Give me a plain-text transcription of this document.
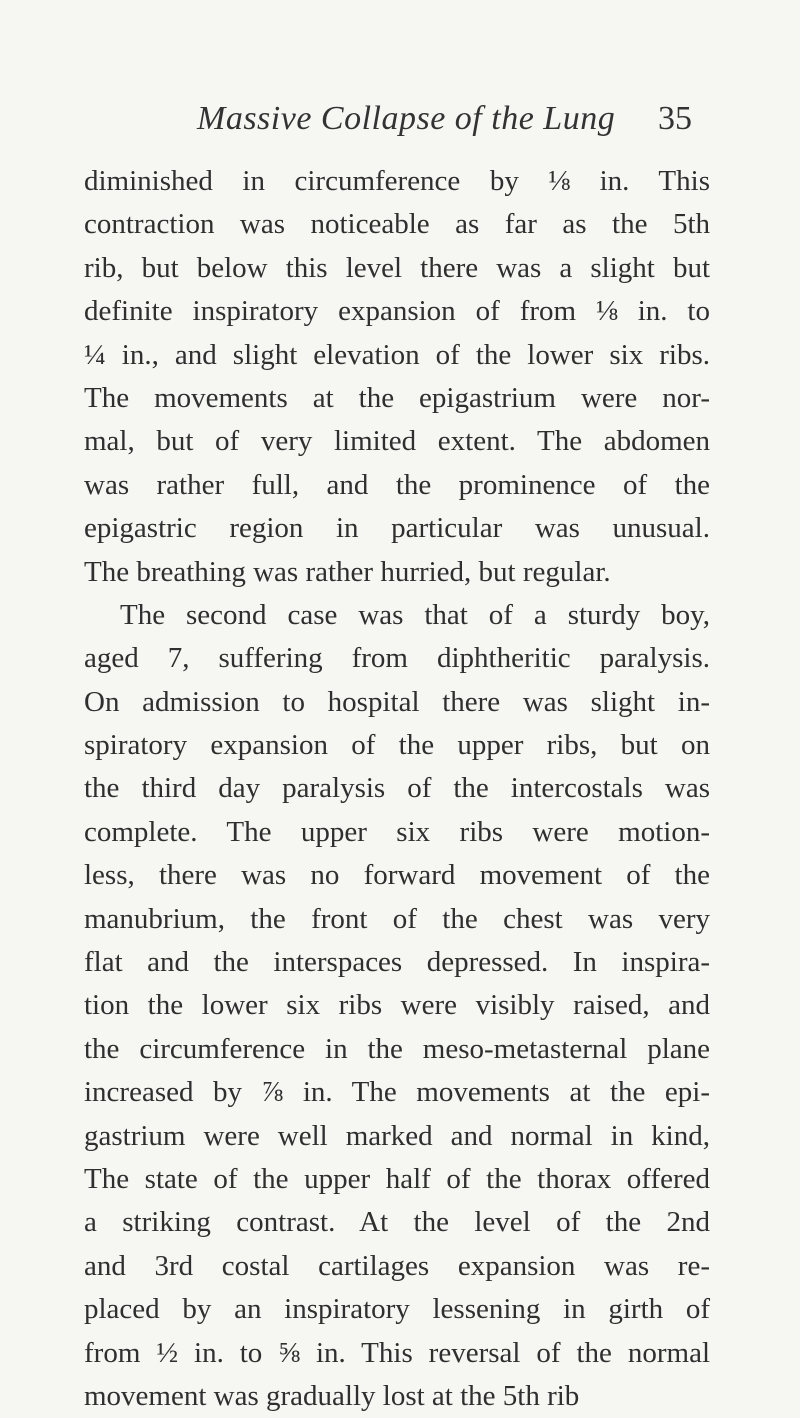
Massive Collapse of the Lung 35
diminished in circumference by ⅛ in. This
contraction was noticeable as far as the 5th
rib, but below this level there was a slight but
definite inspiratory expansion of from ⅛ in. to
¼ in., and slight elevation of the lower six ribs.
The movements at the epigastrium were nor-
mal, but of very limited extent. The abdomen
was rather full, and the prominence of the
epigastric region in particular was unusual.
The breathing was rather hurried, but regular.
The second case was that of a sturdy boy,
aged 7, suffering from diphtheritic paralysis.
On admission to hospital there was slight in-
spiratory expansion of the upper ribs, but on
the third day paralysis of the intercostals was
complete. The upper six ribs were motion-
less, there was no forward movement of the
manubrium, the front of the chest was very
flat and the interspaces depressed. In inspira-
tion the lower six ribs were visibly raised, and
the circumference in the meso-metasternal plane
increased by ⅞ in. The movements at the epi-
gastrium were well marked and normal in kind,
The state of the upper half of the thorax offered
a striking contrast. At the level of the 2nd
and 3rd costal cartilages expansion was re-
placed by an inspiratory lessening in girth of
from ½ in. to ⅝ in. This reversal of the normal
movement was gradually lost at the 5th rib
